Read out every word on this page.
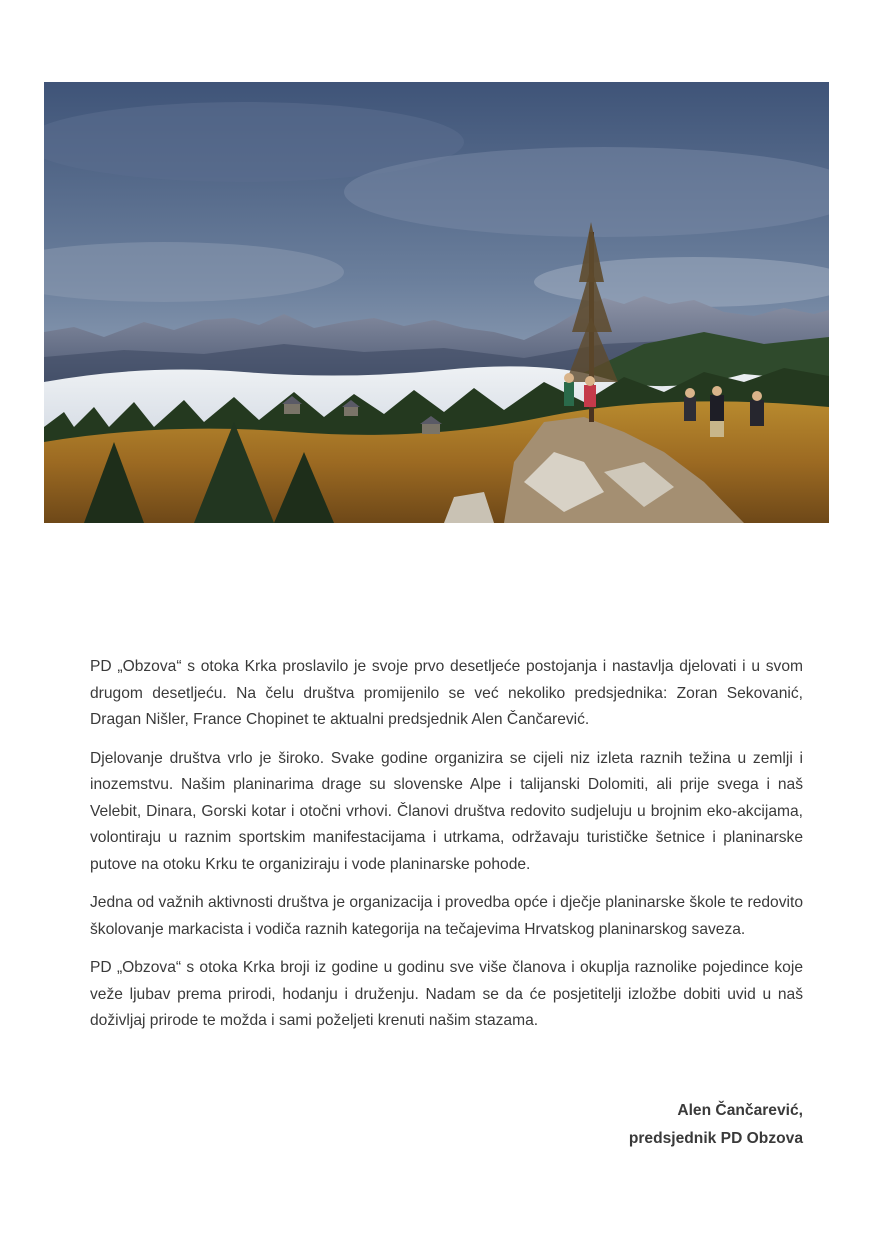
PD „Obzova“ s otoka Krka proslavilo je svoje prvo desetljeće postojanja i nastavlja djelovati i u svom drugom desetljeću. Na čelu društva promijenilo se već nekoliko predsjednika: Zoran Sekovanić, Dragan Nišler, France Chopinet te aktualni predsjednik Alen Čančarević.

Djelovanje društva vrlo je široko. Svake godine organizira se cijeli niz izleta raznih težina u zemlji i inozemstvu. Našim planinarima drage su slovenske Alpe i talijanski Dolomiti, ali prije svega i naš Velebit, Dinara, Gorski kotar i otočni vrhovi. Članovi društva redovito sudjeluju u brojnim eko-akcijama, volontiraju u raznim sportskim manifestacijama i utrkama, održavaju turističke šetnice i planinarske putove na otoku Krku te organiziraju i vode planinarske pohode.

Jedna od važnih aktivnosti društva je organizacija i provedba opće i dječje planinarske škole te redovito školovanje markacista i vodiča raznih kategorija na tečajevima Hrvatskog planinarskog saveza.

PD „Obzova“ s otoka Krka broji iz godine u godinu sve više članova i okuplja raznolike pojedince koje veže ljubav prema prirodi, hodanju i druženju. Nadam se da će posjetitelji izložbe dobiti uvid u naš doživljaj prirode te možda i sami poželjeti krenuti našim stazama.

Alen Čančarević,
predsjednik PD Obzova
